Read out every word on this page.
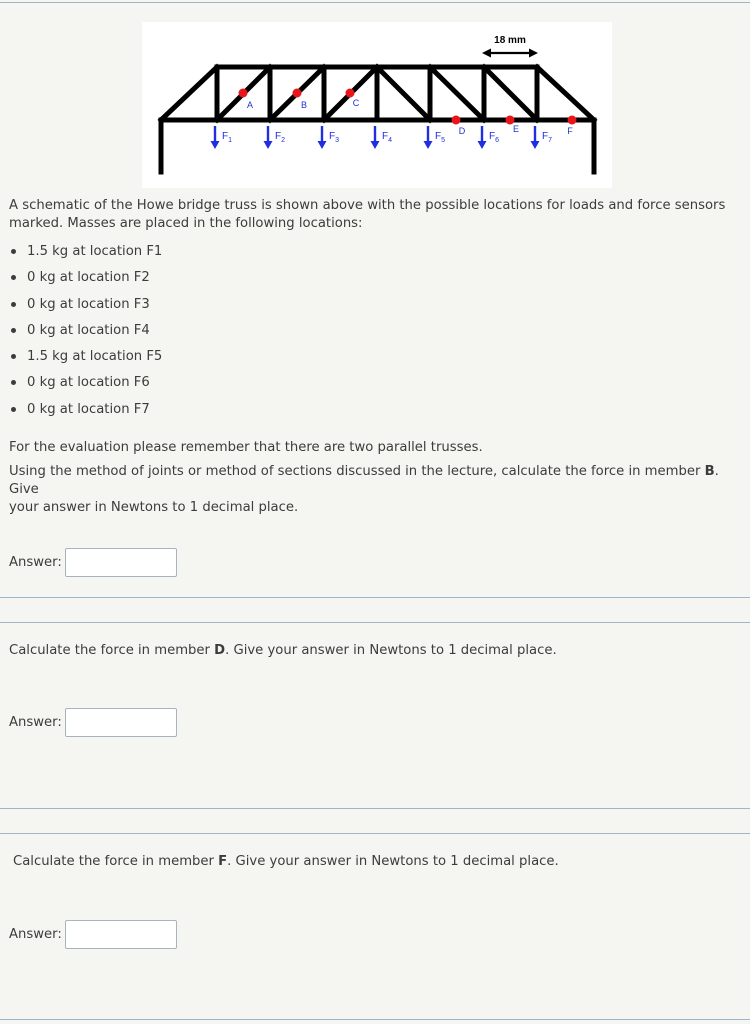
18 mm
A	B	C
D	E	F
$F_1$	$F_2$	$F_3$	$F_4$	$F_5$	$F_6$	$F_7$
A schematic of the Howe bridge truss is shown above with the possible locations for loads and force sensors
marked. Masses are placed in the following locations:
1.5 kg at location F1
0 kg at location F2
0 kg at location F3
0 kg at location F4
1.5 kg at location F5
0 kg at location F6
0 kg at location F7
For the evaluation please remember that there are two parallel trusses.
Using the method of joints or method of sections discussed in the lecture, calculate the force in member B. Give
your answer in Newtons to 1 decimal place.
Answer:
Calculate the force in member D. Give your answer in Newtons to 1 decimal place.
Answer:
Calculate the force in member F. Give your answer in Newtons to 1 decimal place.
Answer:
